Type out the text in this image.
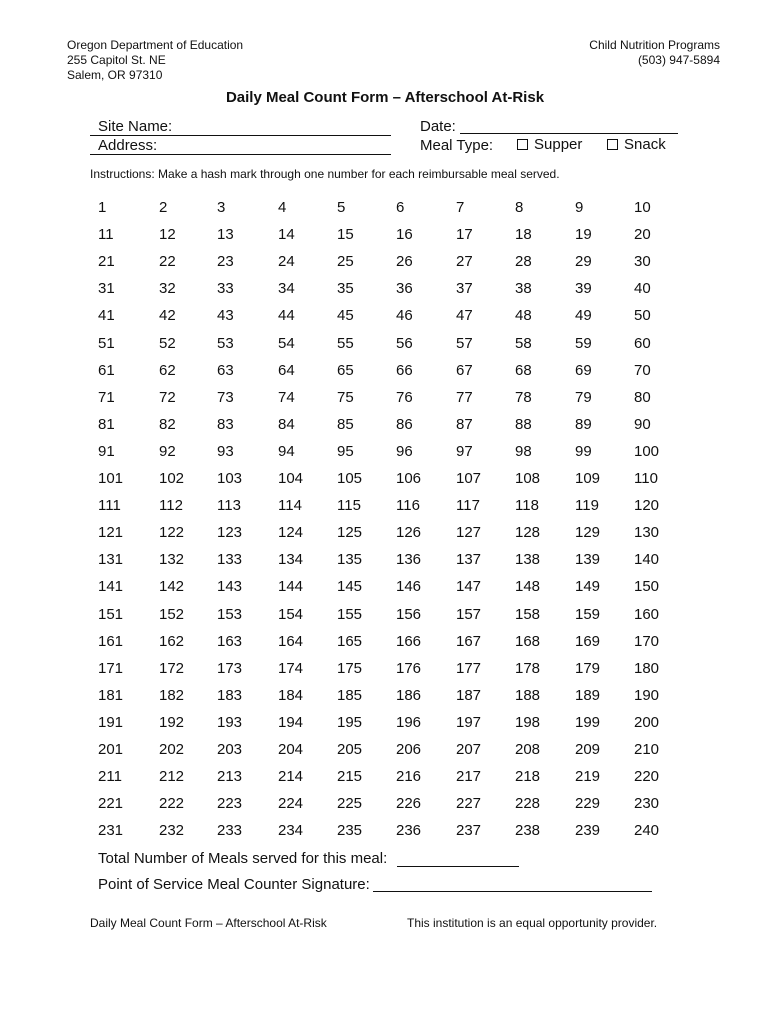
Oregon Department of Education
255 Capitol St. NE
Salem, OR 97310
Child Nutrition Programs
(503) 947-5894
Daily Meal Count Form – Afterschool At-Risk
Site Name:
Address:
Date:
Meal Type:	Supper	Snack
Instructions: Make a hash mark through one number for each reimbursable meal served.
1	2	3	4	5	6	7	8	9	10
11	12	13	14	15	16	17	18	19	20
21	22	23	24	25	26	27	28	29	30
31	32	33	34	35	36	37	38	39	40
41	42	43	44	45	46	47	48	49	50
51	52	53	54	55	56	57	58	59	60
61	62	63	64	65	66	67	68	69	70
71	72	73	74	75	76	77	78	79	80
81	82	83	84	85	86	87	88	89	90
91	92	93	94	95	96	97	98	99	100
101 102 103 104 105 106 107 108 109 110
111	112 113 114 115 116 117 118 119 120
121 122 123 124 125 126 127 128 129 130
131 132 133 134 135 136 137 138 139 140
141 142 143 144 145 146 147 148 149 150
151 152 153 154 155 156 157 158 159 160
161 162 163 164 165 166 167 168 169 170
171 172 173 174 175 176 177 178 179 180
181 182 183 184 185 186 187 188 189 190
191 192 193 194 195 196 197 198 199 200
201 202 203 204 205 206 207 208 209 210
211 212 213 214 215 216 217 218 219 220
221 222 223 224 225 226 227 228 229 230
231 232 233 234 235 236 237 238 239 240
Total Number of Meals served for this meal:
Point of Service Meal Counter Signature:
Daily Meal Count Form – Afterschool At-Risk	This institution is an equal opportunity provider.
